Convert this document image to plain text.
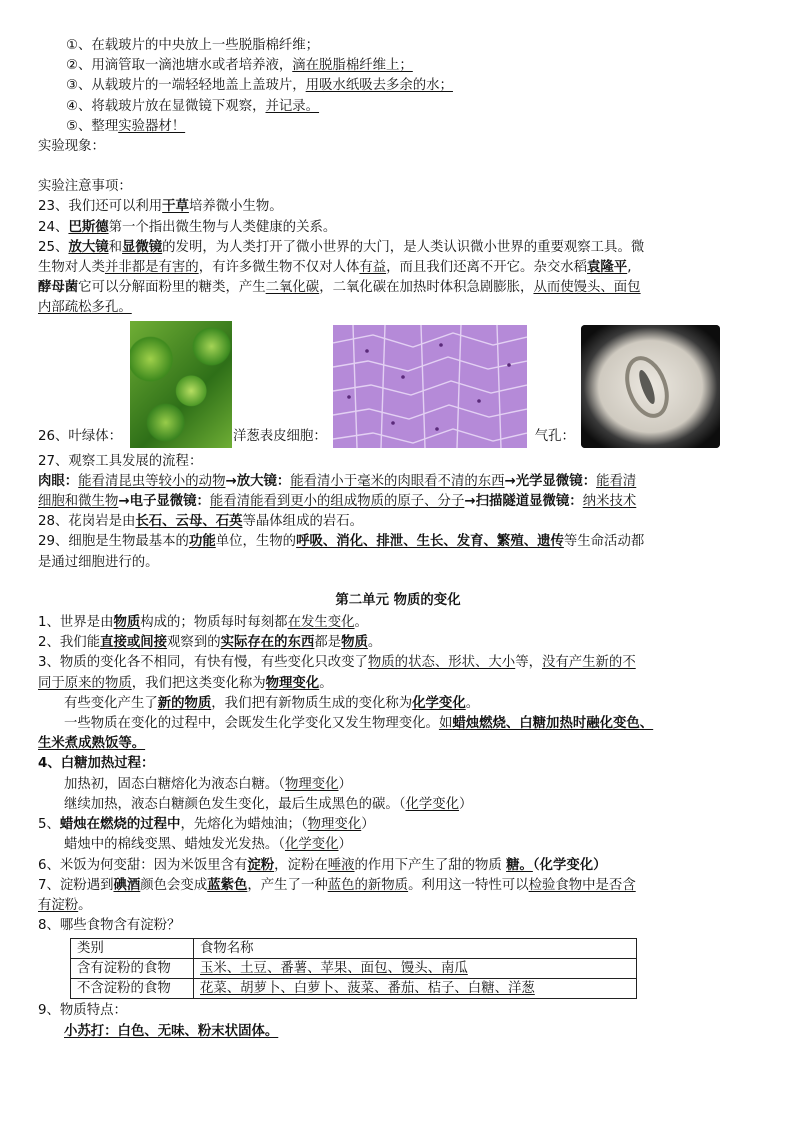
①、在载玻片的中央放上一些脱脂棉纤维；
②、用滴管取一滴池塘水或者培养液，滴在脱脂棉纤维上；
③、从载玻片的一端轻轻地盖上盖玻片，用吸水纸吸去多余的水；
④、将载玻片放在显微镜下观察，并记录。
⑤、整理实验器材！
实验现象：
实验注意事项：
23、我们还可以利用干草培养微小生物。
24、巴斯德第一个指出微生物与人类健康的关系。
25、放大镜和显微镜的发明，为人类打开了微小世界的大门，是人类认识微小世界的重要观察工具。微
生物对人类并非都是有害的，有许多微生物不仅对人体有益，而且我们还离不开它。杂交水稻袁隆平,
酵母菌它可以分解面粉里的糖类，产生二氧化碳，二氧化碳在加热时体积急剧膨胀，从而使馒头、面包
内部疏松多孔。
26、叶绿体：	洋葱表皮细胞：	气孔：
27、观察工具发展的流程：
肉眼：能看清昆虫等较小的动物→放大镜：能看清小于毫米的肉眼看不清的东西→光学显微镜：能看清
细胞和微生物→电子显微镜：能看清能看到更小的组成物质的原子、分子→扫描隧道显微镜：纳米技术
28、花岗岩是由长石、云母、石英等晶体组成的岩石。
29、细胞是生物最基本的功能单位，生物的呼吸、消化、排泄、生长、发育、繁殖、遗传等生命活动都
是通过细胞进行的。
第二单元 物质的变化
1、世界是由物质构成的；物质每时每刻都在发生变化。
2、我们能直接或间接观察到的实际存在的东西都是物质。
3、物质的变化各不相同，有快有慢，有些变化只改变了物质的状态、形状、大小等，没有产生新的不
同于原来的物质，我们把这类变化称为物理变化。
有些变化产生了新的物质，我们把有新物质生成的变化称为化学变化。
一些物质在变化的过程中，会既发生化学变化又发生物理变化。如蜡烛燃烧、白糖加热时融化变色、
生米煮成熟饭等。
4、白糖加热过程：
加热初，固态白糖熔化为液态白糖。（物理变化）
继续加热，液态白糖颜色发生变化，最后生成黑色的碳。（化学变化）
5、蜡烛在燃烧的过程中，先熔化为蜡烛油；（物理变化）
蜡烛中的棉线变黑、蜡烛发光发热。（化学变化）
6、米饭为何变甜：因为米饭里含有淀粉，淀粉在唾液的作用下产生了甜的物质 糖。（化学变化）
7、淀粉遇到碘酒颜色会变成蓝紫色，产生了一种蓝色的新物质。利用这一特性可以检验食物中是否含
有淀粉。
8、哪些食物含有淀粉？
类别	食物名称
含有淀粉的食物	玉米、土豆、番薯、苹果、面包、馒头、南瓜
不含淀粉的食物	花菜、胡萝卜、白萝卜、菠菜、番茄、桔子、白糖、洋葱
9、物质特点：
小苏打：白色、无味、粉末状固体。
